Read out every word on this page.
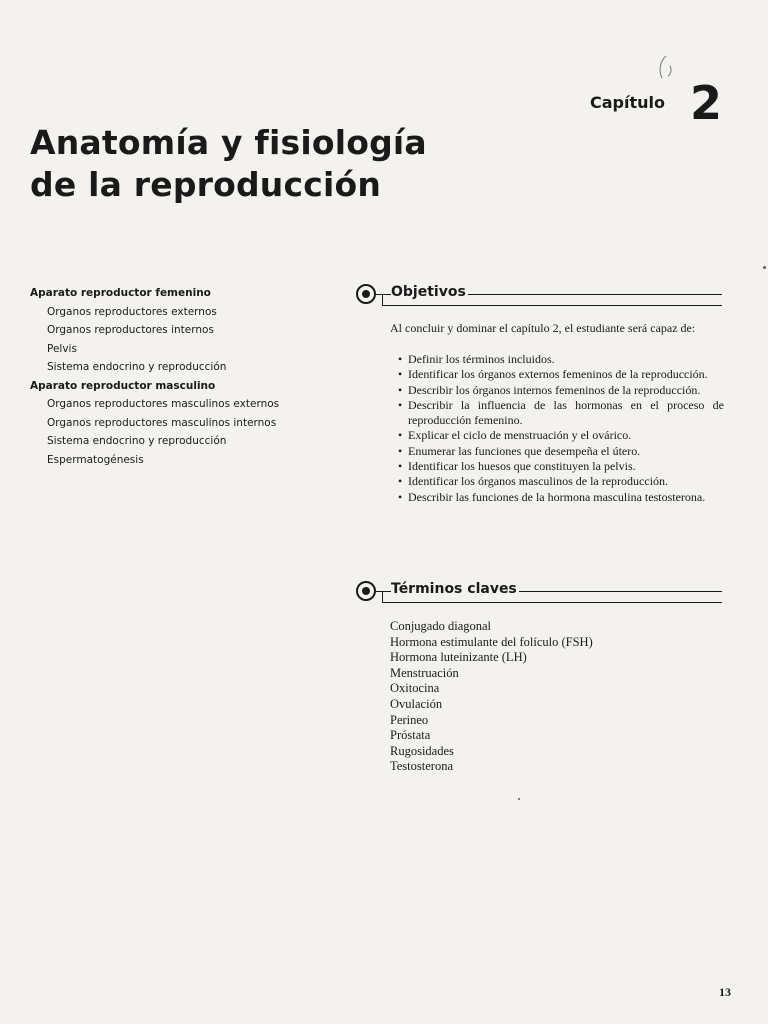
Capítulo 2
Anatomía y fisiología
de la reproducción
Aparato reproductor femenino
Organos reproductores externos
Organos reproductores internos
Pelvis
Sistema endocrino y reproducción
Aparato reproductor masculino
Organos reproductores masculinos externos
Organos reproductores masculinos internos
Sistema endocrino y reproducción
Espermatogénesis
Objetivos

Al concluir y dominar el capítulo 2, el estudiante será capaz de:

• Definir los términos incluidos.
• Identificar los órganos externos femeninos de la reproducción.
• Describir los órganos internos femeninos de la reproducción.
• Describir la influencia de las hormonas en el proceso de reproducción femenino.
• Explicar el ciclo de menstruación y el ovárico.
• Enumerar las funciones que desempeña el útero.
• Identificar los huesos que constituyen la pelvis.
• Identificar los órganos masculinos de la reproducción.
• Describir las funciones de la hormona masculina testosterona.
Términos claves
Conjugado diagonal
Hormona estimulante del folículo (FSH)
Hormona luteinizante (LH)
Menstruación
Oxitocina
Ovulación
Perineo
Próstata
Rugosidades
Testosterona
13
